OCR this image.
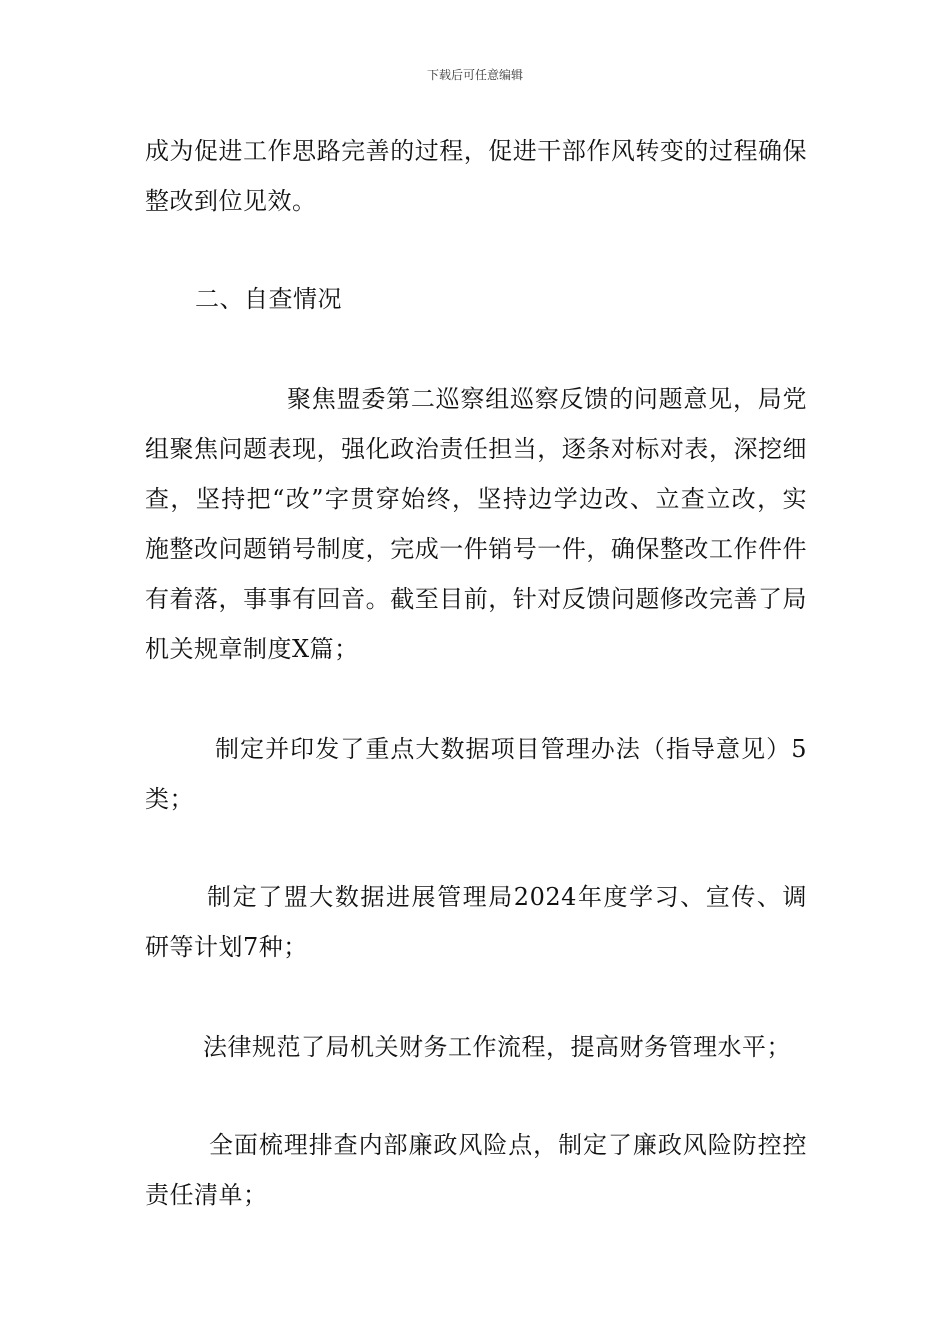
下载后可任意编辑

成为促进工作思路完善的过程，促进干部作风转变的过程确保整改到位见效。

二、自查情况

聚焦盟委第二巡察组巡察反馈的问题意见，局党组聚焦问题表现，强化政治责任担当，逐条对标对表，深挖细查，坚持把“改”字贯穿始终，坚持边学边改、立查立改，实施整改问题销号制度，完成一件销号一件，确保整改工作件件有着落，事事有回音。截至目前，针对反馈问题修改完善了局机关规章制度X篇；

制定并印发了重点大数据项目管理办法（指导意见）5类；

制定了盟大数据进展管理局2024年度学习、宣传、调研等计划7种；

法律规范了局机关财务工作流程，提高财务管理水平；

全面梳理排查内部廉政风险点，制定了廉政风险防控控责任清单；
